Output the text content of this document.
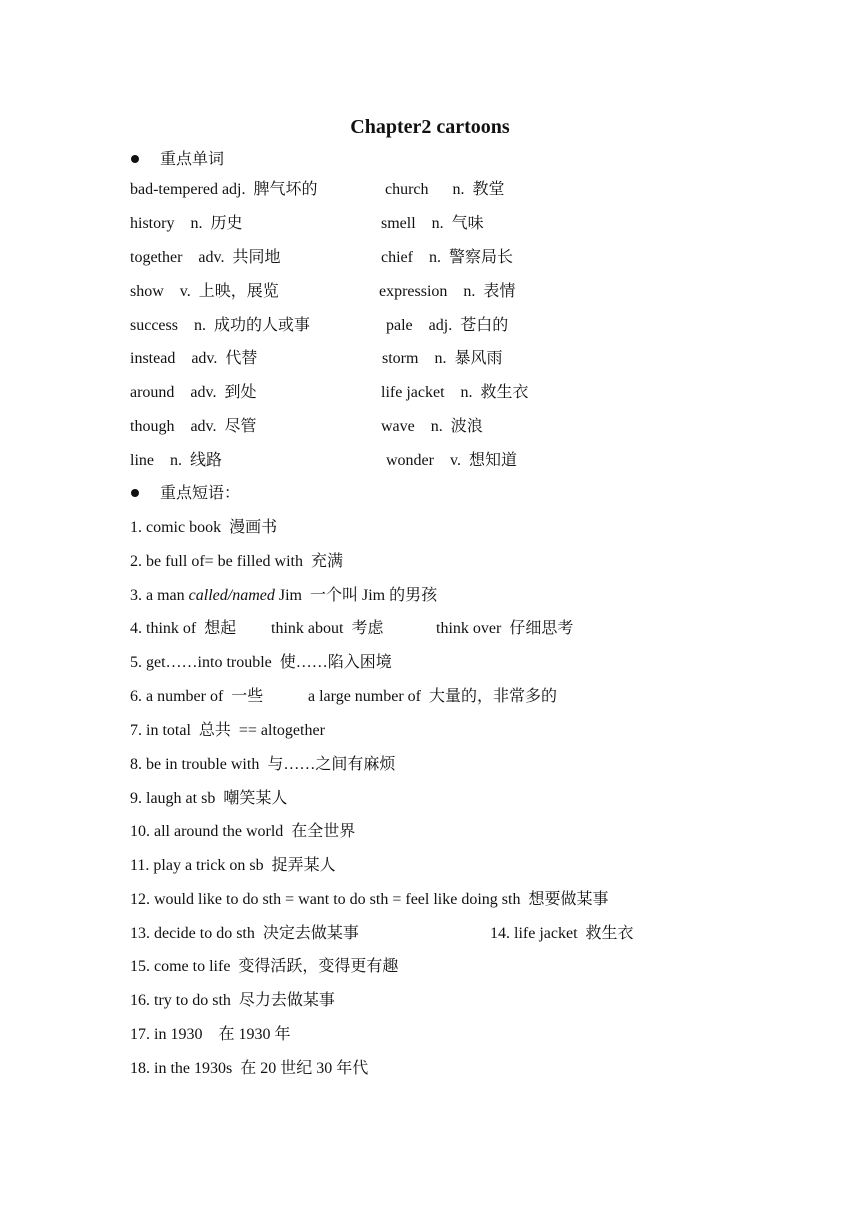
Chapter2 cartoons
重点单词
bad-tempered adj.  脾气坏的	church      n.  教堂
history    n.  历史	smell    n.  气味
together    adv.  共同地	chief    n.  警察局长
show    v.  上映，展览	expression    n.  表情
success    n.  成功的人或事	pale    adj.  苍白的
instead    adv.  代替	storm    n.  暴风雨
around    adv.  到处	life jacket    n.  救生衣
though    adv.  尽管	wave    n.  波浪
line    n.  线路	wonder    v.  想知道
重点短语：
1. comic book  漫画书
2. be full of= be filled with  充满
3. a man called/named Jim  一个叫 Jim 的男孩
4. think of  想起 think about  考虑	think over  仔细思考
5. get……into trouble  使……陷入困境
6. a number of  一些	a large number of  大量的，非常多的
7. in total  总共  == altogether
8. be in trouble with  与……之间有麻烦
9. laugh at sb  嘲笑某人
10. all around the world  在全世界
11. play a trick on sb  捉弄某人
12. would like to do sth = want to do sth = feel like doing sth  想要做某事
13. decide to do sth  决定去做某事	14. life jacket  救生衣
15. come to life  变得活跃，变得更有趣
16. try to do sth  尽力去做某事
17. in 1930    在 1930 年
18. in the 1930s  在 20 世纪 30 年代
